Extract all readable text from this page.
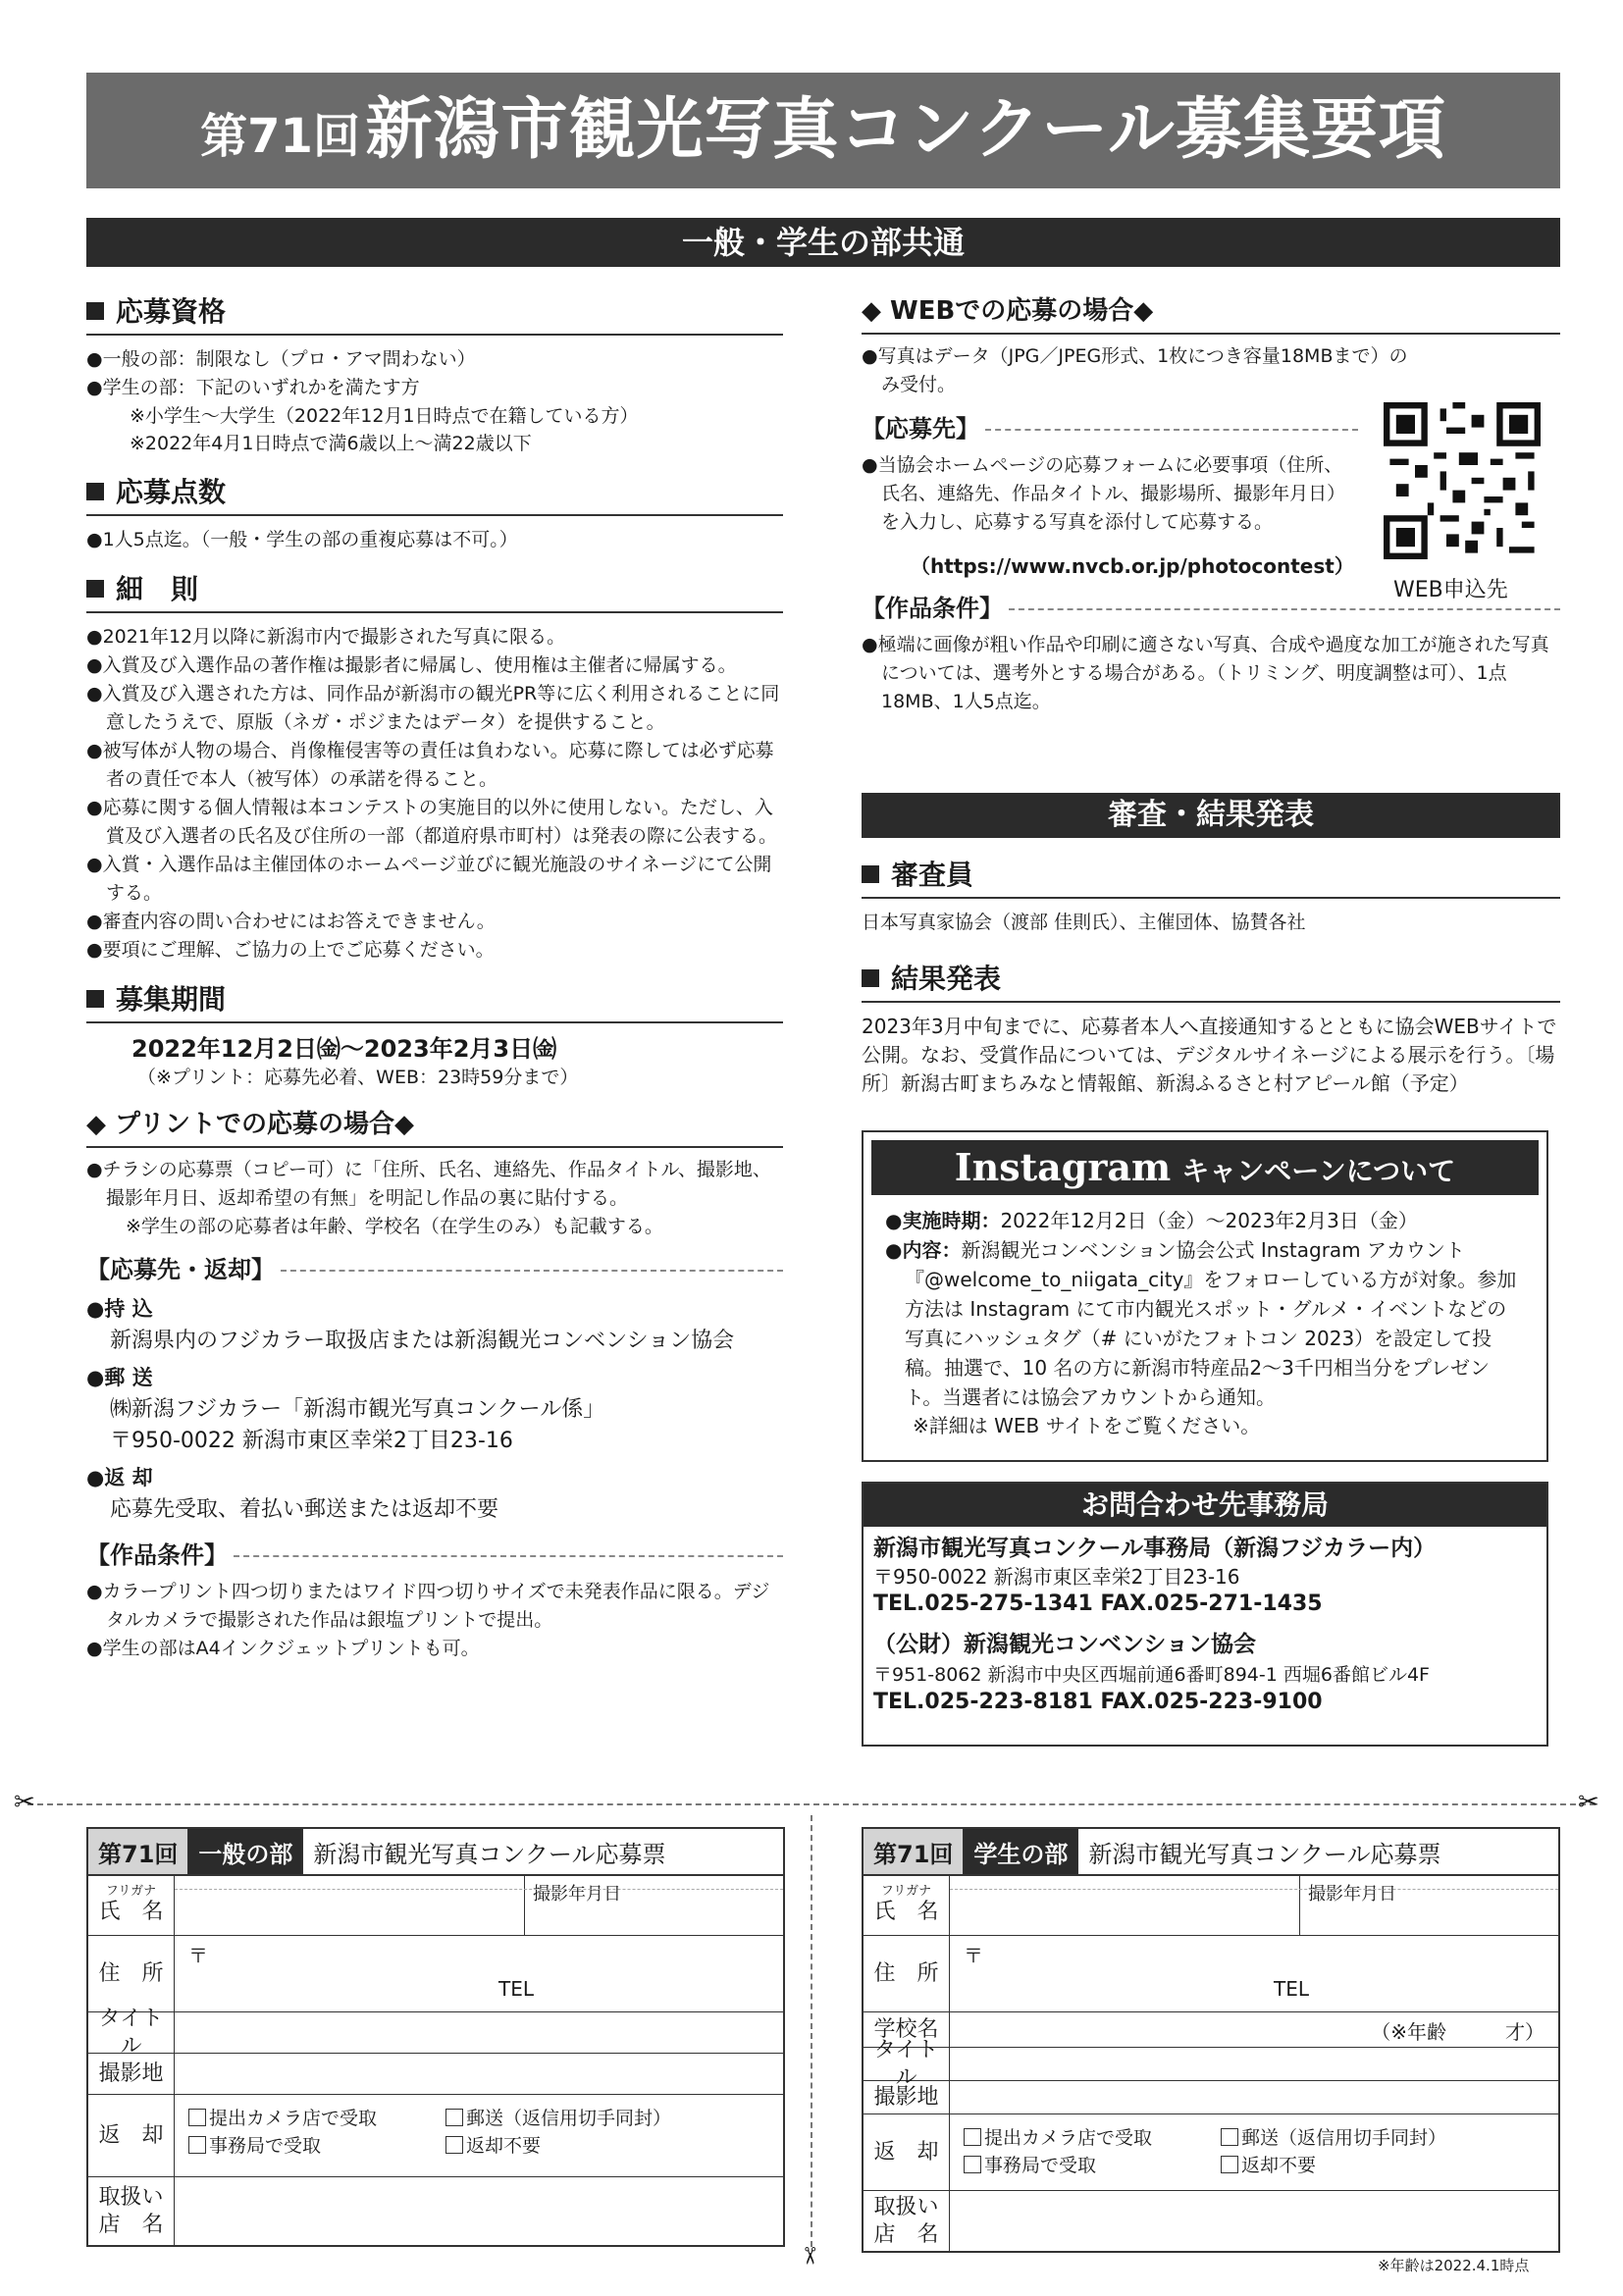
第71回 新潟市観光写真コンクール募集要項
一般・学生の部共通
応募資格
●一般の部：制限なし（プロ・アマ問わない）
●学生の部：下記のいずれかを満たす方
※小学生～大学生（2022年12月1日時点で在籍している方）
※2022年4月1日時点で満6歳以上～満22歳以下
応募点数
●1人5点迄。（一般・学生の部の重複応募は不可。）
細　則
●2021年12月以降に新潟市内で撮影された写真に限る。
●入賞及び入選作品の著作権は撮影者に帰属し、使用権は主催者に帰属する。
●入賞及び入選された方は、同作品が新潟市の観光PR等に広く利用されることに同意したうえで、原版（ネガ・ポジまたはデータ）を提供すること。
●被写体が人物の場合、肖像権侵害等の責任は負わない。応募に際しては必ず応募者の責任で本人（被写体）の承諾を得ること。
●応募に関する個人情報は本コンテストの実施目的以外に使用しない。ただし、入賞及び入選者の氏名及び住所の一部（都道府県市町村）は発表の際に公表する。
●入賞・入選作品は主催団体のホームページ並びに観光施設のサイネージにて公開する。
●審査内容の問い合わせにはお答えできません。
●要項にご理解、ご協力の上でご応募ください。
募集期間
2022年12月2日㈮～2023年2月3日㈮
（※プリント：応募先必着、WEB：23時59分まで）
◆ プリントでの応募の場合◆
●チラシの応募票（コピー可）に「住所、氏名、連絡先、作品タイトル、撮影地、撮影年月日、返却希望の有無」を明記し作品の裏に貼付する。
※学生の部の応募者は年齢、学校名（在学生のみ）も記載する。
【応募先・返却】
●持 込
新潟県内のフジカラー取扱店または新潟観光コンベンション協会
●郵 送
㈱新潟フジカラー「新潟市観光写真コンクール係」
〒950-0022 新潟市東区幸栄2丁目23-16
●返 却
応募先受取、着払い郵送または返却不要
【作品条件】
●カラープリント四つ切りまたはワイド四つ切りサイズで未発表作品に限る。デジタルカメラで撮影された作品は銀塩プリントで提出。
●学生の部はA4インクジェットプリントも可。
◆ WEBでの応募の場合◆
●写真はデータ（JPG／JPEG形式、1枚につき容量18MBまで）のみ受付。
【応募先】
●当協会ホームページの応募フォームに必要事項（住所、氏名、連絡先、作品タイトル、撮影場所、撮影年月日）を入力し、応募する写真を添付して応募する。
（https://www.nvcb.or.jp/photocontest）
【作品条件】
●極端に画像が粗い作品や印刷に適さない写真、合成や過度な加工が施された写真については、選考外とする場合がある。（トリミング、明度調整は可）、1点18MB、1人5点迄。
WEB申込先
審査・結果発表
審査員
日本写真家協会（渡部 佳則氏）、主催団体、協賛各社
結果発表
2023年3月中旬までに、応募者本人へ直接通知するとともに協会WEBサイトで公開。なお、受賞作品については、デジタルサイネージによる展示を行う。〔場所〕新潟古町まちみなと情報館、新潟ふるさと村アピール館（予定）
Instagram キャンペーンについて
●実施時期：2022年12月2日（金）～2023年2月3日（金）
●内容：新潟観光コンベンション協会公式 Instagram アカウント『@welcome_to_niigata_city』をフォローしている方が対象。参加方法は Instagram にて市内観光スポット・グルメ・イベントなどの写真にハッシュタグ（# にいがたフォトコン 2023）を設定して投稿。抽選で、10 名の方に新潟市特産品2～3千円相当分をプレゼント。当選者には協会アカウントから通知。
※詳細は WEB サイトをご覧ください。
お問合わせ先事務局
新潟市観光写真コンクール事務局（新潟フジカラー内）
〒950-0022 新潟市東区幸栄2丁目23-16
TEL.025-275-1341 FAX.025-271-1435
（公財）新潟観光コンベンション協会
〒951-8062 新潟市中央区西堀前通6番町894-1 西堀6番館ビル4F
TEL.025-223-8181 FAX.025-223-9100
✂	✂
✂
第71回 一般の部 新潟市観光写真コンクール応募票
フリガナ
氏　名
撮影年月日
住　所
〒
TEL
タイトル
撮影地
返　却
提出カメラ店で受取
事務局で受取
郵送（返信用切手同封）
返却不要
取扱い店　名
第71回 学生の部 新潟市観光写真コンクール応募票
フリガナ
氏　名
撮影年月日
住　所
〒
TEL
学校名	（※年齢　　　才）
タイトル
撮影地
返　却
提出カメラ店で受取
事務局で受取
郵送（返信用切手同封）
返却不要
取扱い店　名
※年齢は2022.4.1時点
